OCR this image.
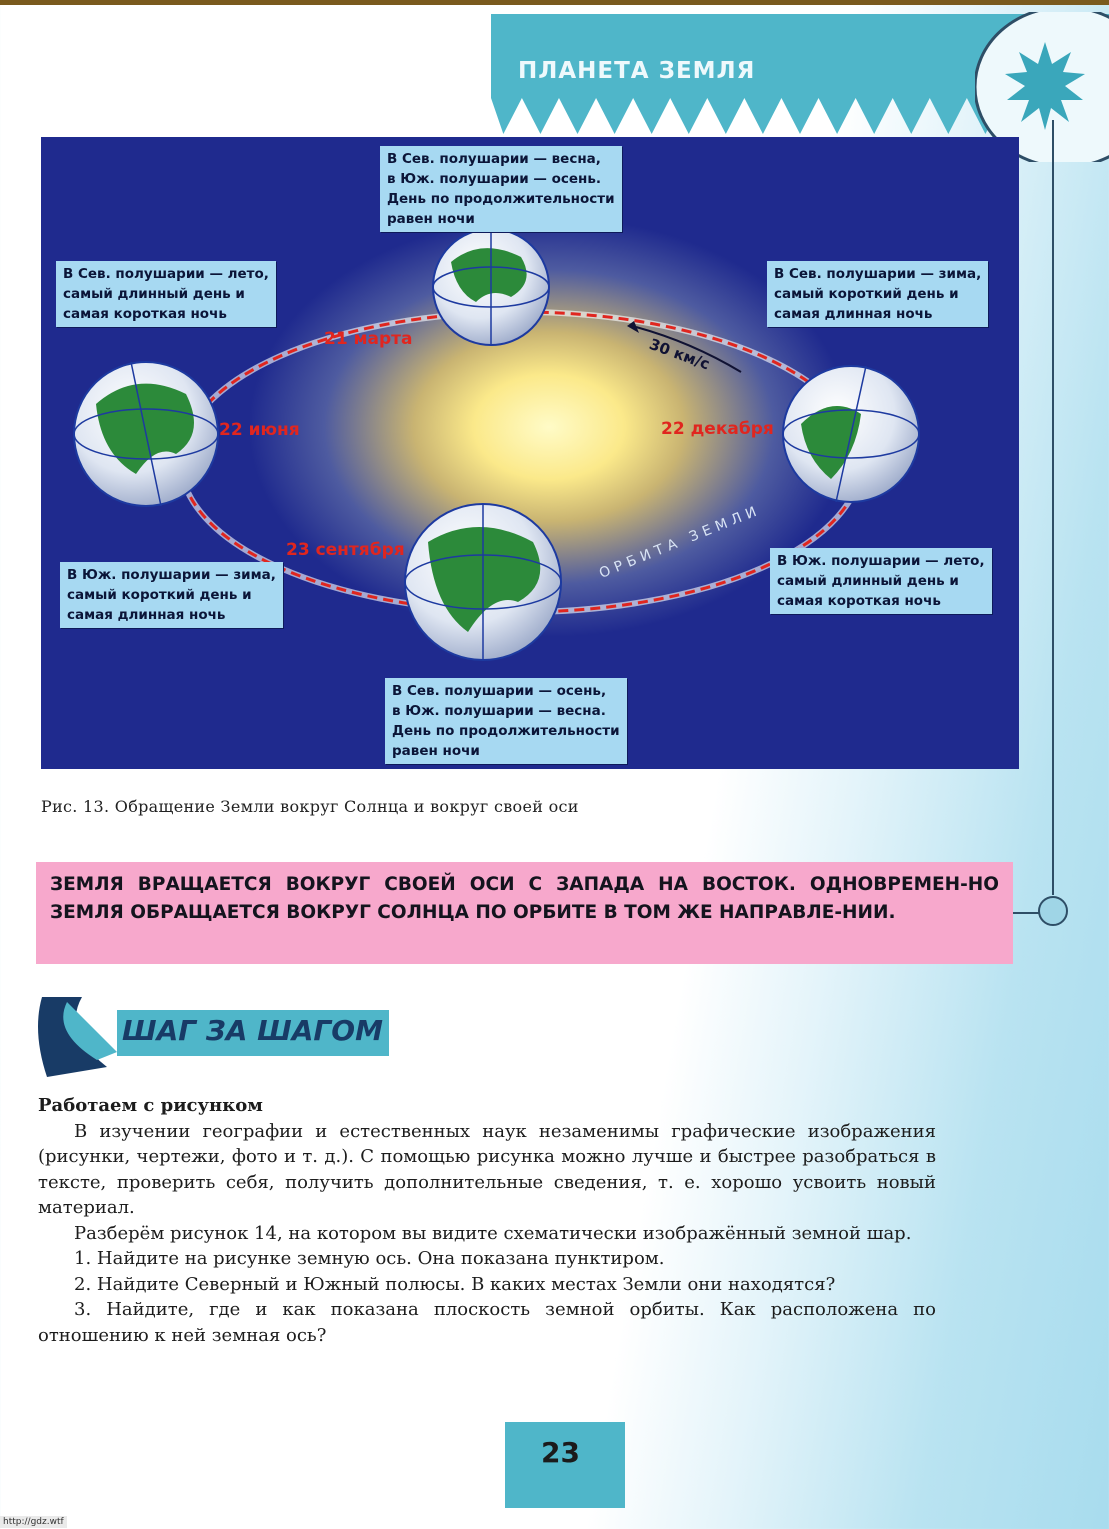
ПЛАНЕТА ЗЕМЛЯ
В Сев. полушарии — весна,
в Юж. полушарии — осень.
День по продолжительности
равен ночи
В Сев. полушарии — лето,
самый длинный день и
самая короткая ночь
В Сев. полушарии — зима,
самый короткий день и
самая длинная ночь
В Юж. полушарии — зима,
самый короткий день и
самая длинная ночь
В Юж. полушарии — лето,
самый длинный день и
самая короткая ночь
В Сев. полушарии — осень,
в Юж. полушарии — весна.
День по продолжительности
равен ночи
21 марта
22 июня
23 сентября
22 декабря
30 км/с
ОРБИТА ЗЕМЛИ
Рис. 13. Обращение Земли вокруг Солнца и вокруг своей оси
ЗЕМЛЯ ВРАЩАЕТСЯ ВОКРУГ СВОЕЙ ОСИ С ЗАПАДА НА ВОСТОК. ОДНОВРЕМЕН-НО ЗЕМЛЯ ОБРАЩАЕТСЯ ВОКРУГ СОЛНЦА ПО ОРБИТЕ В ТОМ ЖЕ НАПРАВЛЕ-НИИ.
ШАГ ЗА ШАГОМ

Работаем с рисунком

В изучении географии и естественных наук незаменимы графические изображения (рисунки, чертежи, фото и т. д.). С помощью рисунка можно лучше и быстрее разобраться в тексте, проверить себя, получить дополнительные сведения, т. е. хорошо усвоить новый материал.

Разберём рисунок 14, на котором вы видите схематически изображённый земной шар.

1. Найдите на рисунке земную ось. Она показана пунктиром.

2. Найдите Северный и Южный полюсы. В каких местах Земли они находятся?

3. Найдите, где и как показана плоскость земной орбиты. Как расположена по отношению к ней земная ось?

23
http://gdz.wtf
